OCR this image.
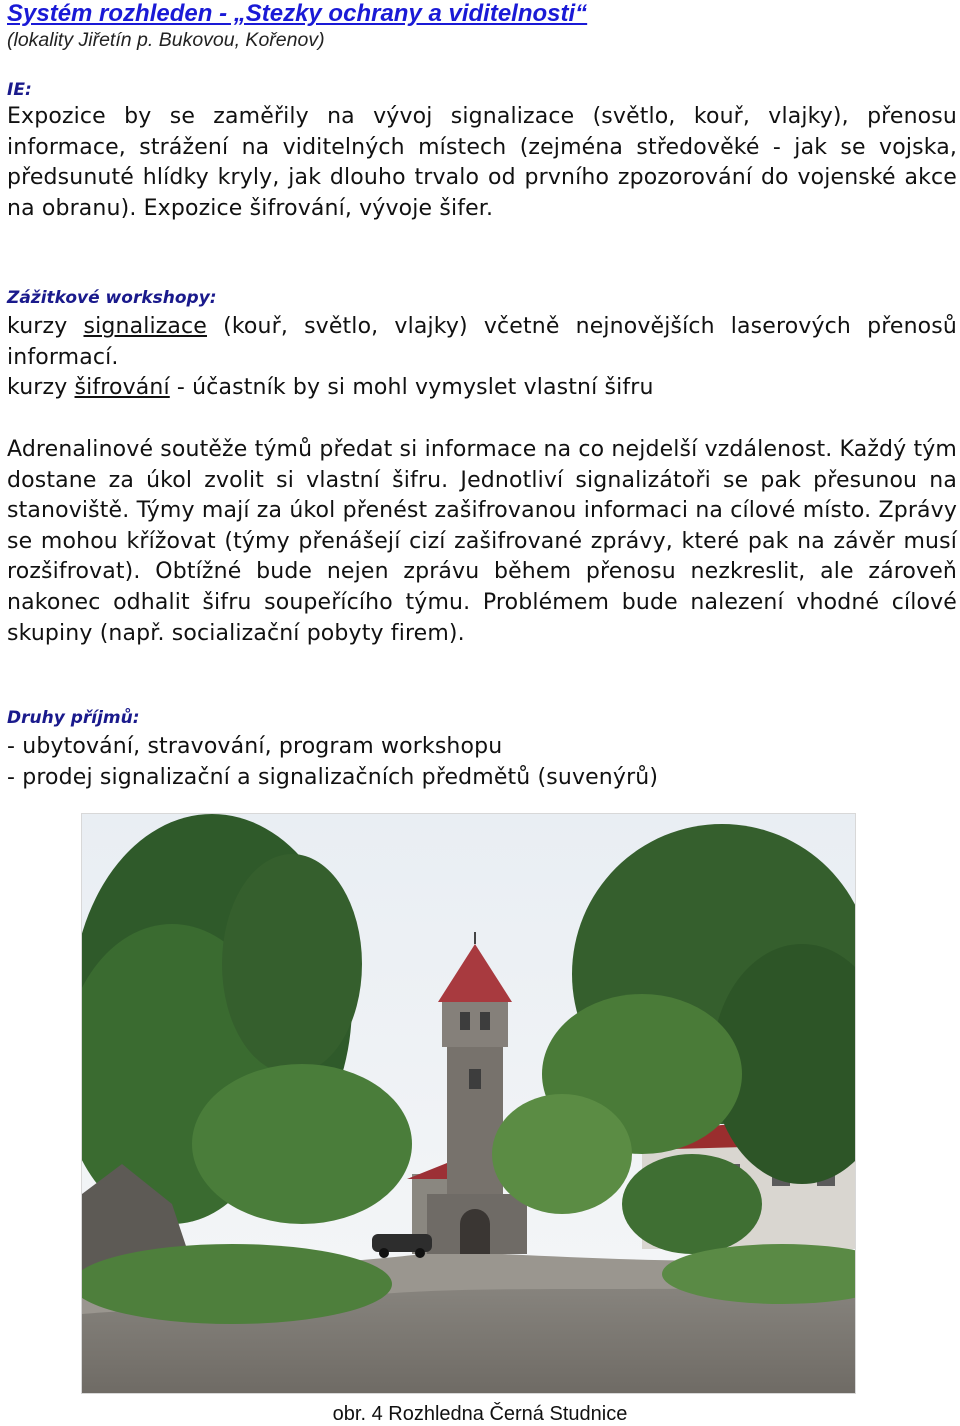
Systém rozhleden - „Stezky ochrany a viditelnosti“
(lokality Jiřetín p. Bukovou, Kořenov)
IE:
Expozice by se zaměřily na vývoj signalizace (světlo, kouř, vlajky), přenosu informace, strážení na viditelných místech (zejména středověké - jak se vojska, předsunuté hlídky kryly, jak dlouho trvalo od prvního zpozorování do vojenské akce na obranu). Expozice šifrování, vývoje šifer.
Zážitkové workshopy:
kurzy signalizace (kouř, světlo, vlajky) včetně nejnovějších laserových přenosů informací.
kurzy šifrování - účastník by si mohl vymyslet vlastní šifru
Adrenalinové soutěže týmů předat si informace na co nejdelší vzdálenost. Každý tým dostane za úkol zvolit si vlastní šifru. Jednotliví signalizátoři se pak přesunou na stanoviště. Týmy mají za úkol přenést zašifrovanou informaci na cílové místo. Zprávy se mohou křížovat (týmy přenášejí cizí zašifrované zprávy, které pak na závěr musí rozšifrovat). Obtížné bude nejen zprávu během přenosu nezkreslit, ale zároveň nakonec odhalit šifru soupeřícího týmu. Problémem bude nalezení vhodné cílové skupiny (např. socializační pobyty firem).
Druhy příjmů:
- ubytování, stravování, program workshopu
- prodej signalizační a signalizačních předmětů (suvenýrů)
obr. 4 Rozhledna Černá Studnice
